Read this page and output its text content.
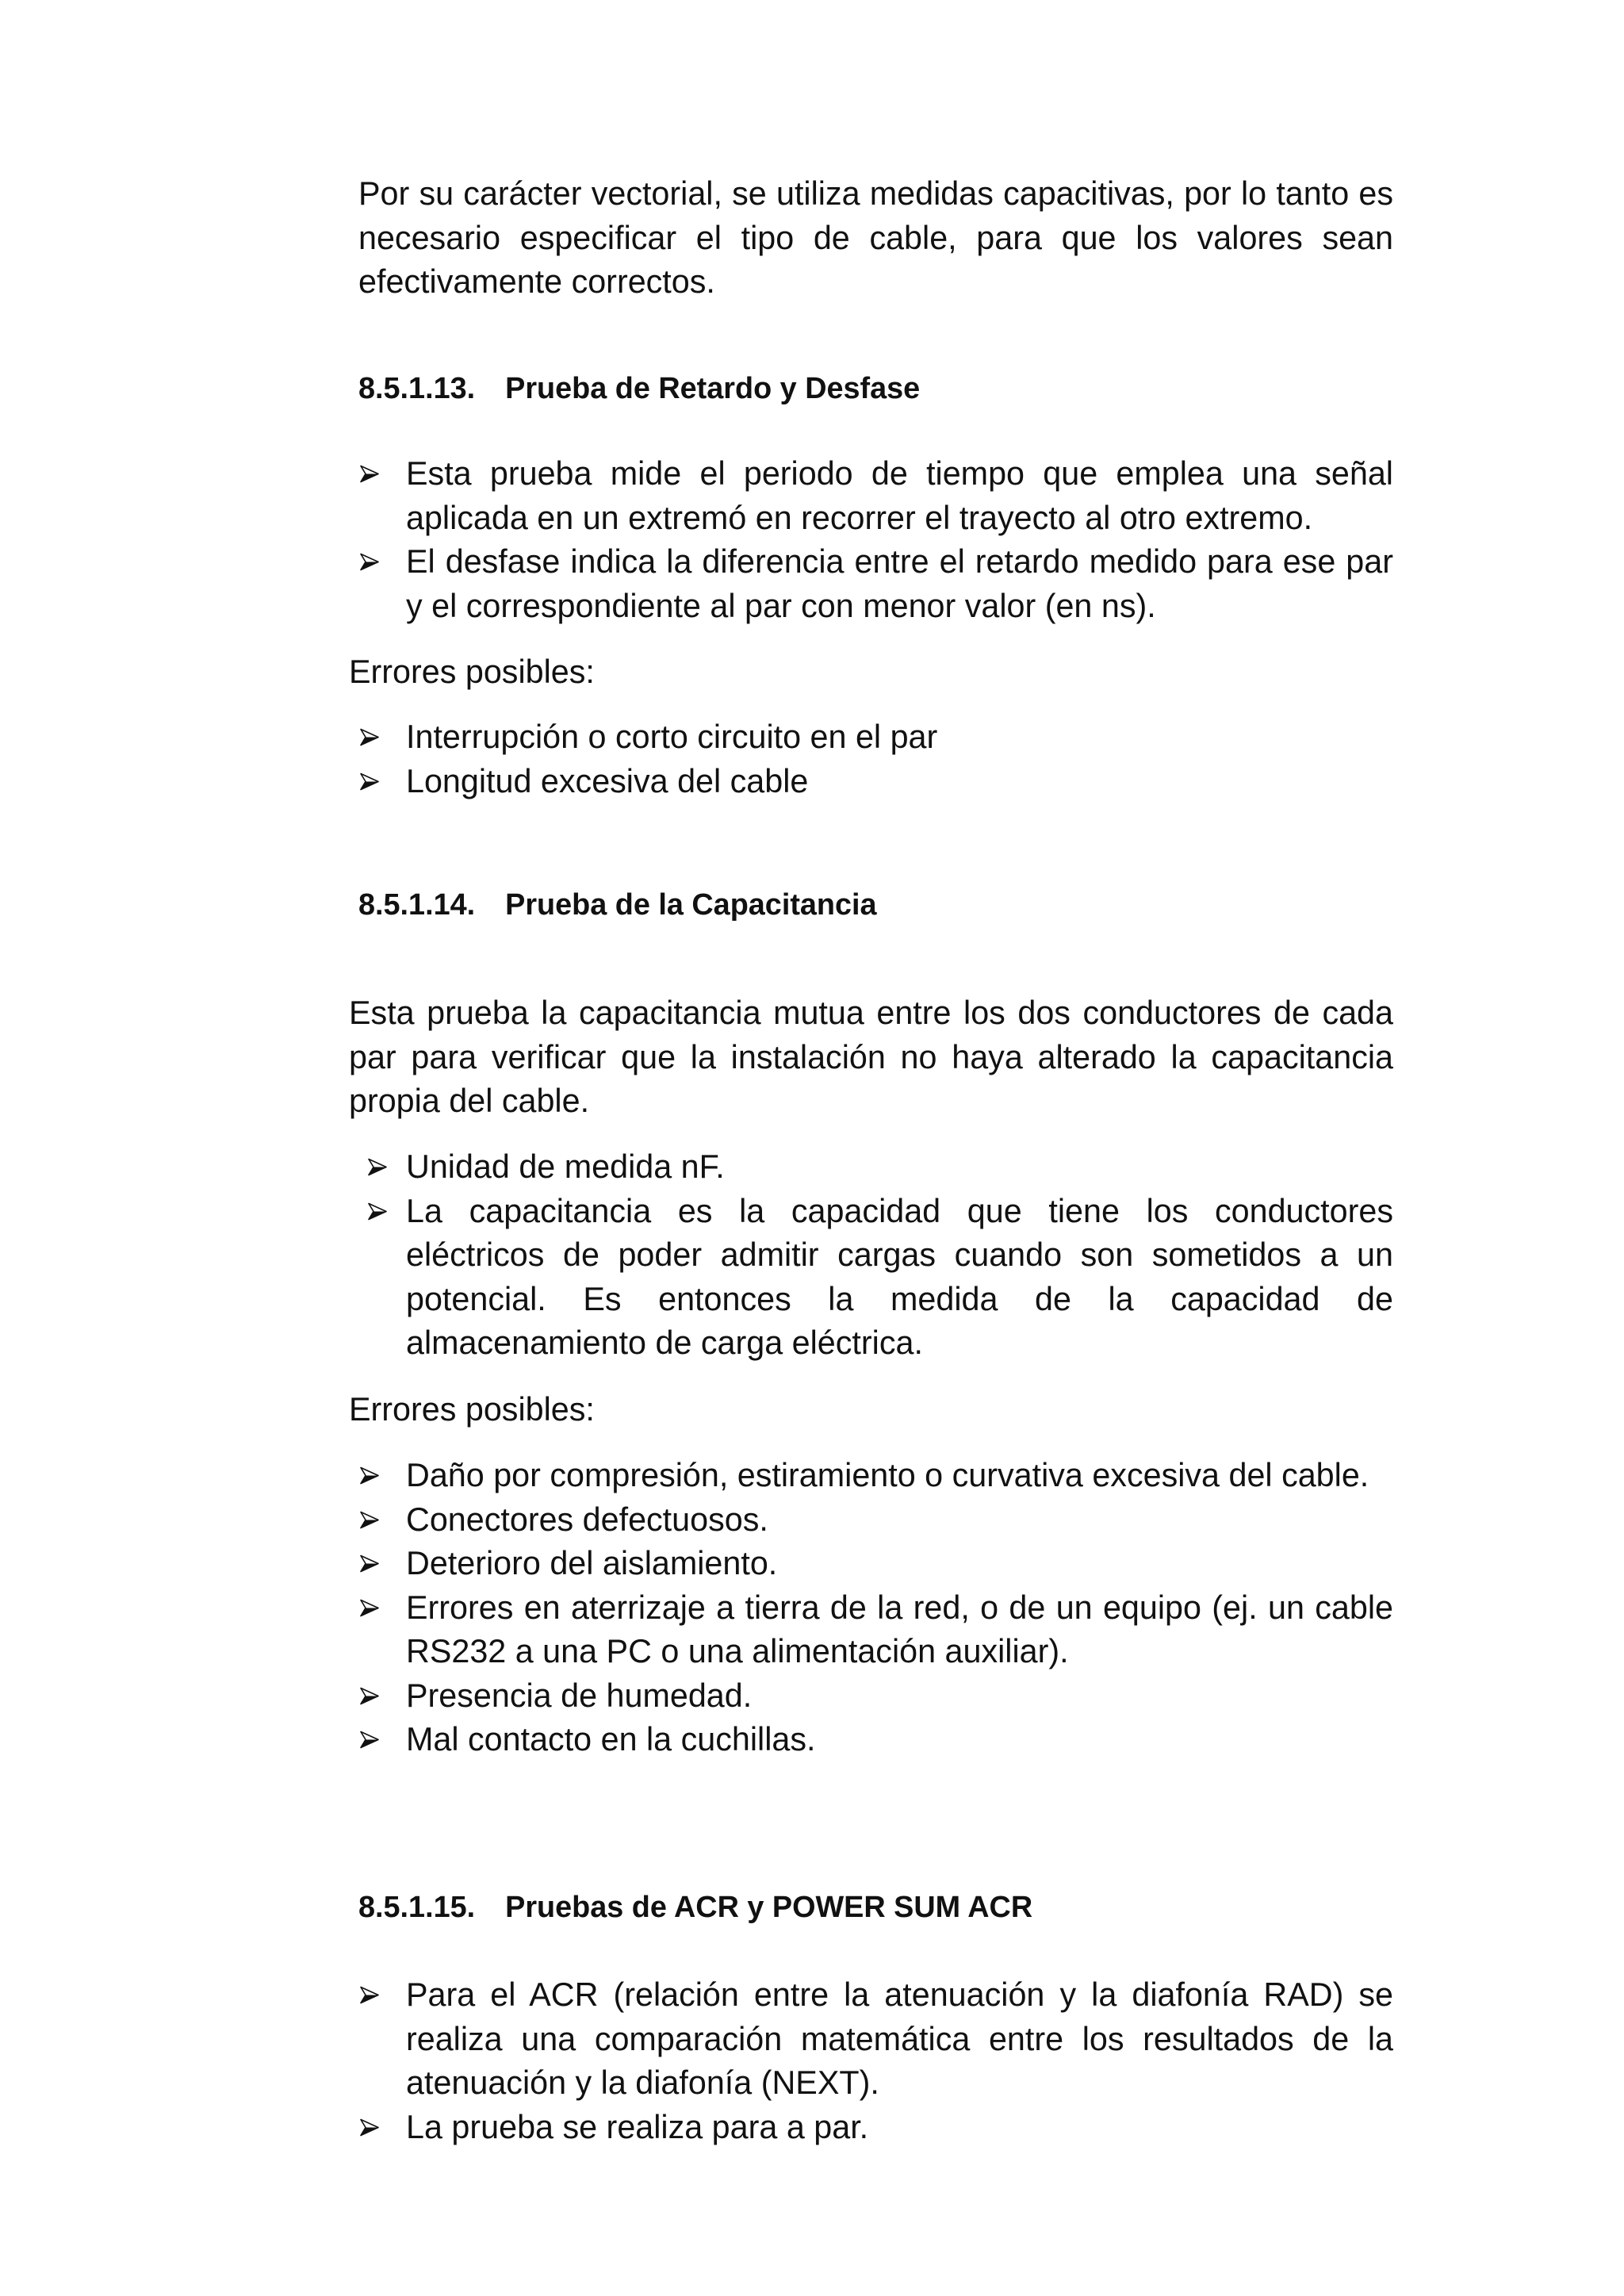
Por su carácter vectorial, se utiliza medidas capacitivas, por lo tanto es necesario especificar el tipo de cable, para que los valores sean efectivamente correctos.

8.5.1.13. Prueba de Retardo y Desfase
Esta prueba mide el periodo de tiempo que emplea una señal aplicada en un extremó en recorrer el trayecto al otro extremo.
El desfase indica la diferencia entre el retardo medido para ese par y el correspondiente al par con menor valor (en ns).

Errores posibles:

Interrupción o corto circuito en el par
Longitud excesiva del cable
8.5.1.14. Prueba de la Capacitancia

Esta prueba la capacitancia mutua entre los dos conductores de cada par para verificar que la instalación no haya alterado la capacitancia propia del cable.

Unidad de medida nF.
La capacitancia es la capacidad que tiene los conductores eléctricos de poder admitir cargas cuando son sometidos a un potencial. Es entonces la medida de la capacidad de almacenamiento de carga eléctrica.

Errores posibles:

Daño por compresión, estiramiento o curvativa excesiva del cable.
Conectores defectuosos.
Deterioro del aislamiento.
Errores en aterrizaje a tierra de la red, o de un equipo (ej. un cable RS232 a una PC o una alimentación auxiliar).
Presencia de humedad.
Mal contacto en la cuchillas.
8.5.1.15. Pruebas de ACR y POWER SUM ACR
Para el ACR (relación entre la atenuación y la diafonía RAD) se realiza una comparación matemática entre los resultados de la atenuación y la diafonía (NEXT).
La prueba se realiza para a par.
